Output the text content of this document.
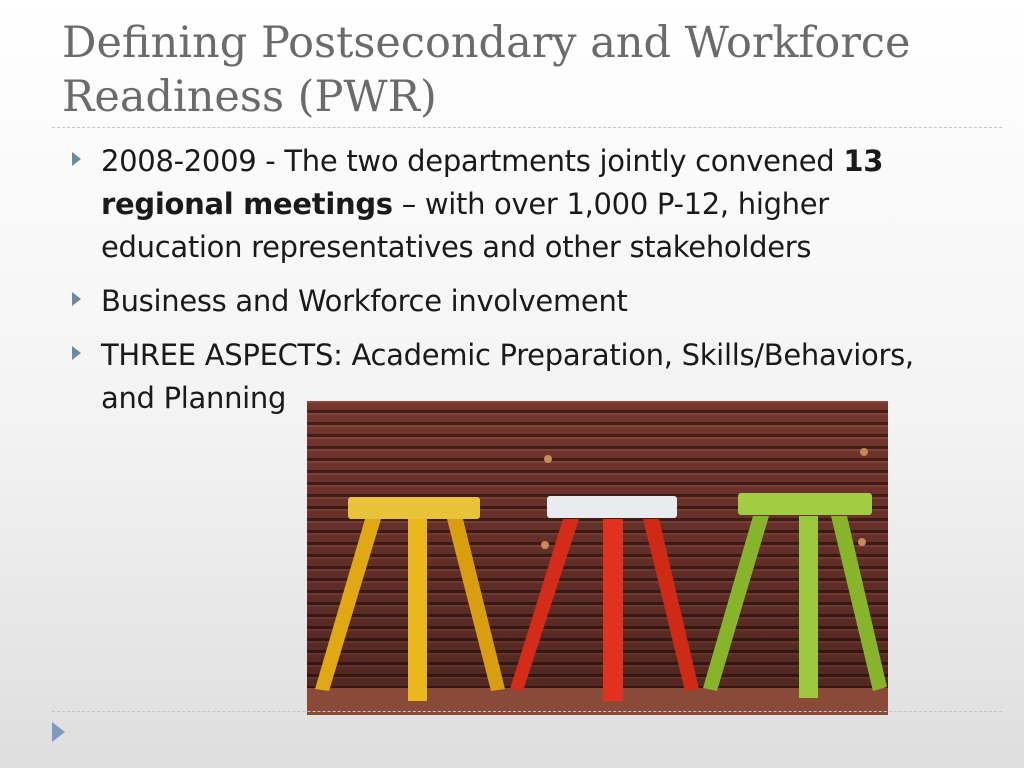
Defining Postsecondary and Workforce Readiness (PWR)
2008-2009 - The two departments jointly convened 13 regional meetings – with over 1,000 P-12, higher education representatives and other stakeholders
Business and Workforce involvement
THREE ASPECTS: Academic Preparation, Skills/Behaviors, and Planning
